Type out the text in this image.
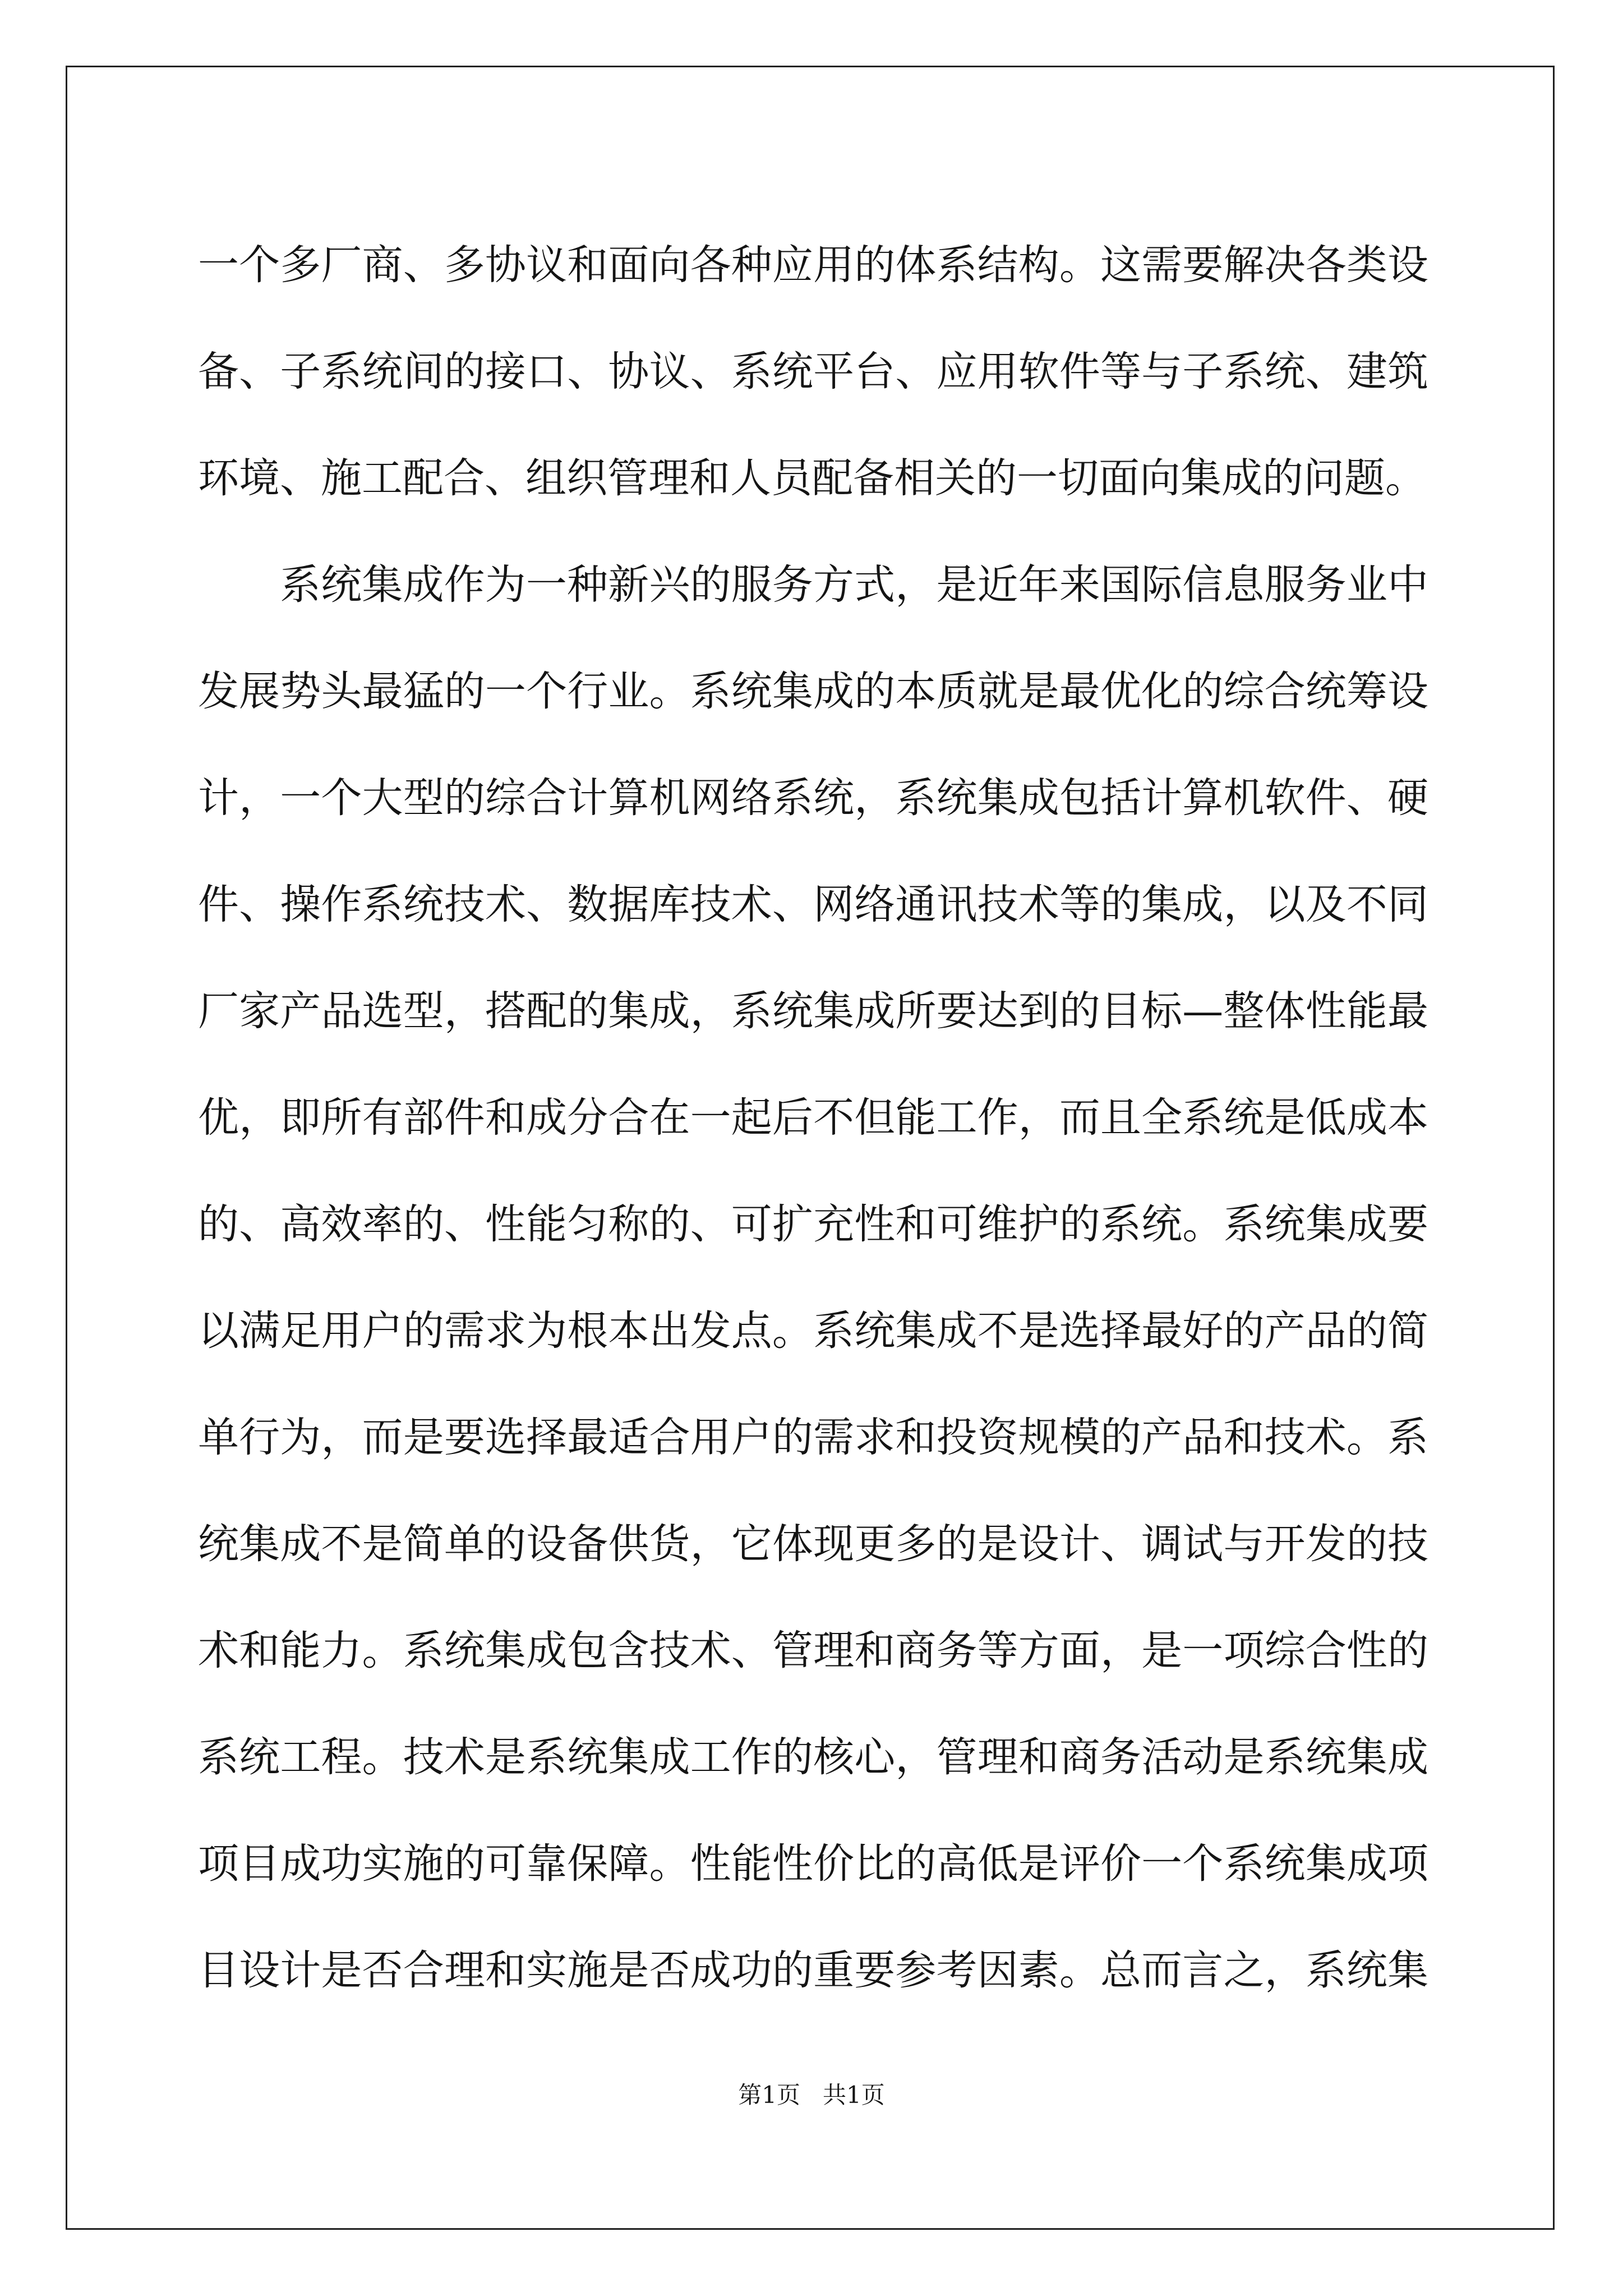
一个多厂商、多协议和面向各种应用的体系结构。这需要解决各类设
备、子系统间的接口、协议、系统平台、应用软件等与子系统、建筑
环境、施工配合、组织管理和人员配备相关的一切面向集成的问题。
系统集成作为一种新兴的服务方式，是近年来国际信息服务业中
发展势头最猛的一个行业。系统集成的本质就是最优化的综合统筹设
计，一个大型的综合计算机网络系统，系统集成包括计算机软件、硬
件、操作系统技术、数据库技术、网络通讯技术等的集成，以及不同
厂家产品选型，搭配的集成，系统集成所要达到的目标—整体性能最
优，即所有部件和成分合在一起后不但能工作，而且全系统是低成本
的、高效率的、性能匀称的、可扩充性和可维护的系统。系统集成要
以满足用户的需求为根本出发点。系统集成不是选择最好的产品的简
单行为，而是要选择最适合用户的需求和投资规模的产品和技术。系
统集成不是简单的设备供货，它体现更多的是设计、调试与开发的技
术和能力。系统集成包含技术、管理和商务等方面，是一项综合性的
系统工程。技术是系统集成工作的核心，管理和商务活动是系统集成
项目成功实施的可靠保障。性能性价比的高低是评价一个系统集成项
目设计是否合理和实施是否成功的重要参考因素。总而言之，系统集
第1页   共1页
